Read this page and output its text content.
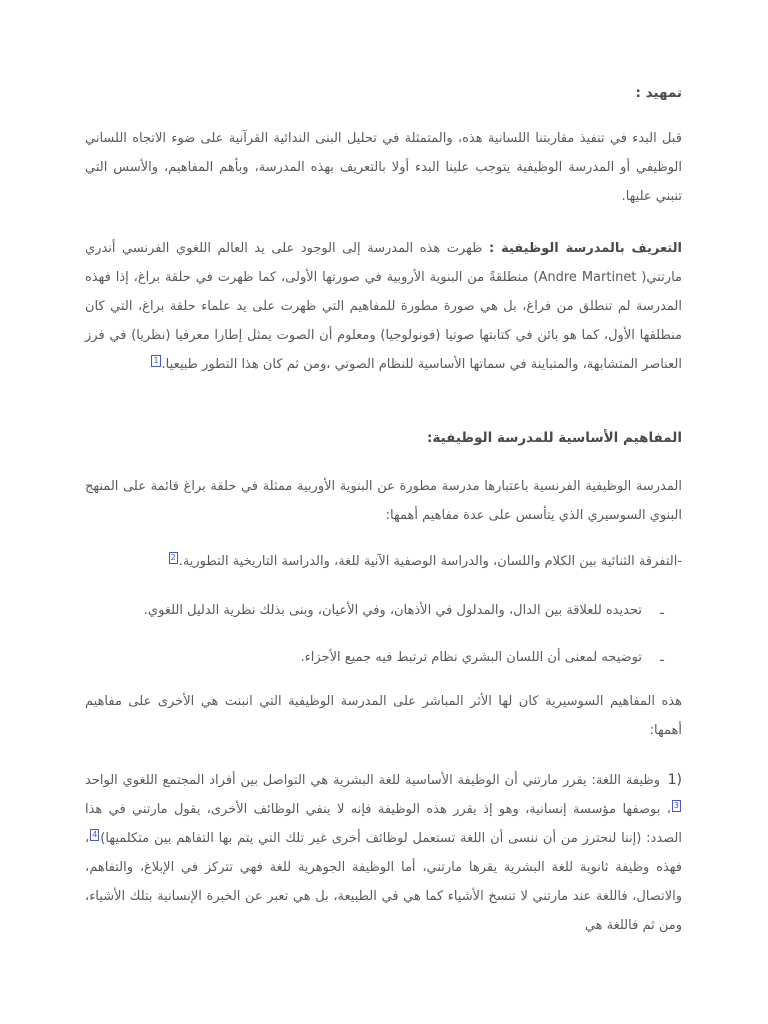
تمهيد :

قبل البدء في تنفيذ مقاربتنا اللسانية هذه، والمتمثلة في تحليل البنى الندائية القرآنية على ضوء الاتجاه اللساني الوظيفي أو المدرسة الوظيفية يتوجب علينا البدء أولا بالتعريف بهذه المدرسة، وبأهم المفاهيم، والأسس التي تنبني عليها.

التعريف بالمدرسة الوظيفية : ظهرت هذه المدرسة إلى الوجود على يد العالم اللغوي الفرنسي أندري مارتني( Andre Martinet) منطلقةً من البنوية الأروبية في صورتها الأولى، كما ظهرت في حلقة براغ، إذا فهذه المدرسة لم تنطلق من فراغ، بل هي صورة مطورة للمفاهيم التي ظهرت على يد علماء حلقة براغ، التي كان منطلقها الأول، كما هو بائن في كتابتها صوتيا (فونولوجيا) ومعلوم أن الصوت يمثل إطارا معرفيا (نظريا) في فرز العناصر المتشابهة، والمتباينة في سماتها الأساسية للنظام الصوتي ،ومن ثم كان هذا التطور طبيعيا.1

المفاهيم الأساسية للمدرسة الوظيفية:

المدرسة الوظيفية الفرنسية باعتبارها مدرسة مطورة عن البنوية الأوربية ممثلة في حلقة براغ قائمة على المنهج البنوي السوسيري الذي يتأسس على عدة مفاهيم أهمها:

-التفرقة الثنائية بين الكلام واللسان، والدراسة الوصفية الآنية للغة، والدراسة التاريخية التطورية.2

ـتحديده للعلاقة بين الدال، والمدلول في الأذهان، وفي الأعيان، وبنى بذلك نظرية الدليل اللغوي.

ـتوضيحه لمعنى أن اللسان البشري نظام ترتبط فيه جميع الأجزاء.

هذه المفاهيم السوسيرية كان لها الأثر المباشر على المدرسة الوظيفية التي انبنت هي الأخرى على مفاهيم أهمها:

(1وظيفة اللغة: يقرر مارتني أن الوظيفة الأساسية للغة البشرية هي التواصل بين أفراد المجتمع اللغوي الواحد3، بوصفها مؤسسة إنسانية، وهو إذ يقرر هذه الوظيفة فإنه لا ينفي الوظائف الأخرى، يقول مارتني في هذا الصدد: (إننا لنحترز من أن ننسى أن اللغة تستعمل لوظائف أخرى غير تلك التي يتم بها التفاهم بين متكلميها)4، فهذه وظيفة ثانوية للغة البشرية يقرها مارتني، أما الوظيفة الجوهرية للغة فهي تتركز في الإبلاغ، والتفاهم، والاتصال، فاللغة عند مارتني لا تنسخ الأشياء كما هي في الطبيعة، بل هي تعبر عن الخبرة الإنسانية بتلك الأشياء، ومن ثم فاللغة هي
